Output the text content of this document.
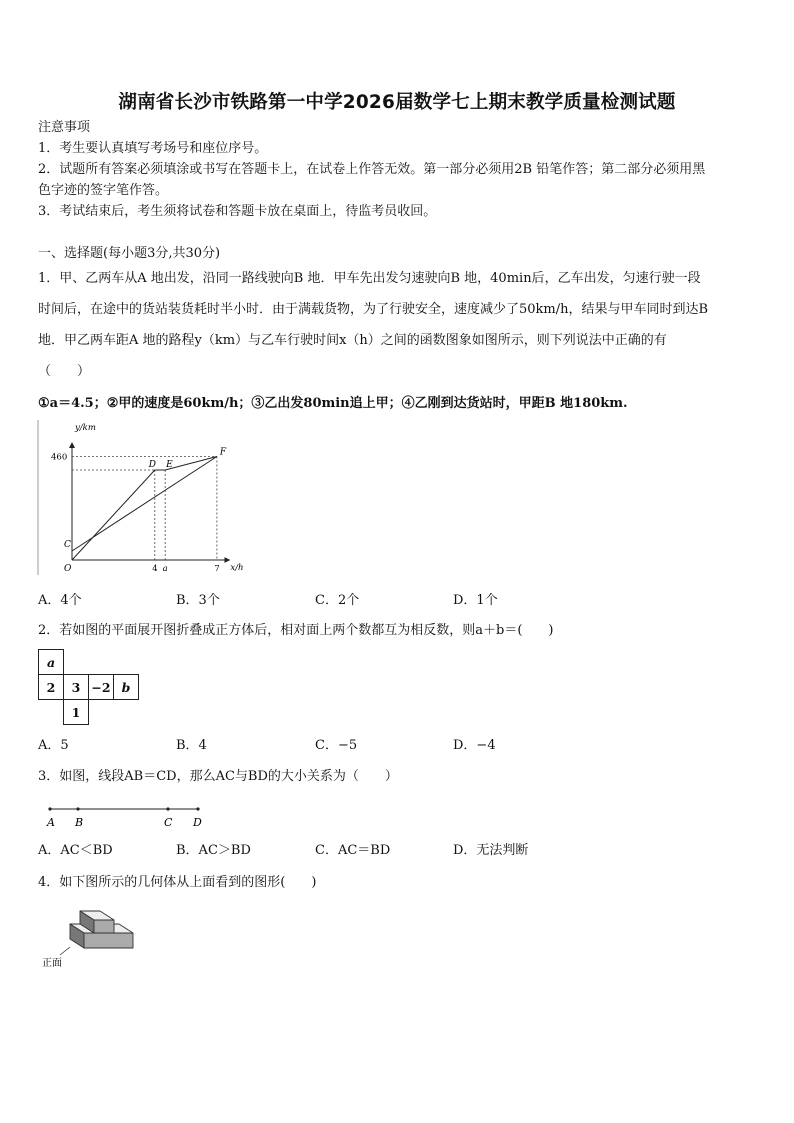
湖南省长沙市铁路第一中学2026届数学七上期末教学质量检测试题
注意事项
1．考生要认真填写考场号和座位序号。
2．试题所有答案必须填涂或书写在答题卡上，在试卷上作答无效。第一部分必须用2B 铅笔作答；第二部分必须用黑
色字迹的签字笔作答。
3．考试结束后，考生须将试卷和答题卡放在桌面上，待监考员收回。
一、选择题(每小题3分,共30分)
1．甲、乙两车从A 地出发，沿同一路线驶向B 地．甲车先出发匀速驶向B 地，40min后，乙车出发，匀速行驶一段
时间后，在途中的货站装货耗时半小时．由于满载货物，为了行驶安全，速度减少了50km/h，结果与甲车同时到达B
地．甲乙两车距A 地的路程y（km）与乙车行驶时间x（h）之间的函数图象如图所示，则下列说法中正确的有
（　　）
①a＝4.5；②甲的速度是60km/h；③乙出发80min追上甲；④乙刚到达货站时，甲距B 地180km.
y/km
x/h
O
460
4 a	7
C
D E
F
A．4个	B．3个	C．2个	D．1个
2．若如图的平面展开图折叠成正方体后，相对面上两个数都互为相反数，则a＋b＝(　　)
a			
2	3	−2	b
	1		
A．5	B．4	C．−5	D．−4
3．如图，线段AB＝CD，那么AC与BD的大小关系为（　　）
A B	C D
A．AC＜BD	B．AC＞BD	C．AC＝BD	D．无法判断
4．如下图所示的几何体从上面看到的图形(　　)
正面
